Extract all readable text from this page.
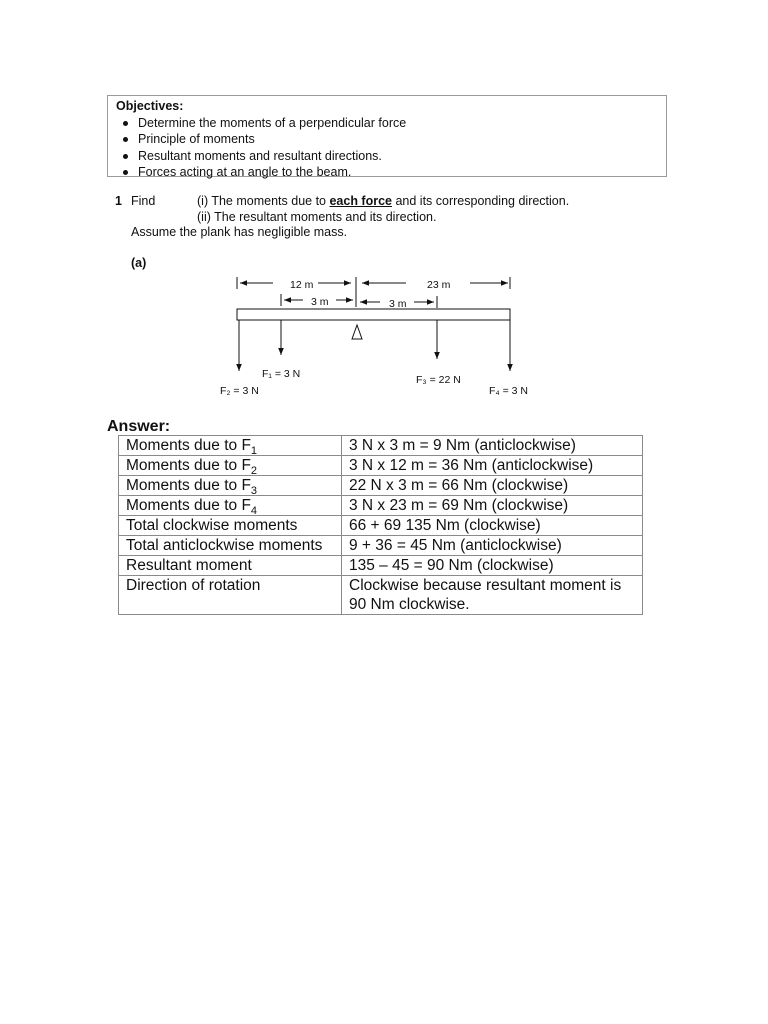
Objectives:
Determine the moments of a perpendicular force
Principle of moments
Resultant moments and resultant directions.
Forces acting at an angle to the beam.
1 Find	(i) The moments due to each force and its corresponding direction.
(ii) The resultant moments and its direction.
Assume the plank has negligible mass.
(a)
12 m	23 m
3 m	3 m
F₁ = 3 N
F₂ = 3 N
F₃ = 22 N
F₄ = 3 N
Answer:
Moments due to $F_1$	3 N x 3 m = 9 Nm (anticlockwise)
Moments due to $F_2$	3 N x 12 m = 36 Nm (anticlockwise)
Moments due to $F_3$	22 N x 3 m = 66 Nm (clockwise)
Moments due to $F_4$	3 N x 23 m = 69 Nm (clockwise)
Total clockwise moments	66 + 69 135 Nm (clockwise)
Total anticlockwise moments	9 + 36 = 45 Nm (anticlockwise)
Resultant moment	135 – 45 = 90 Nm (clockwise)
Direction of rotation	Clockwise because resultant moment is 90 Nm clockwise.
